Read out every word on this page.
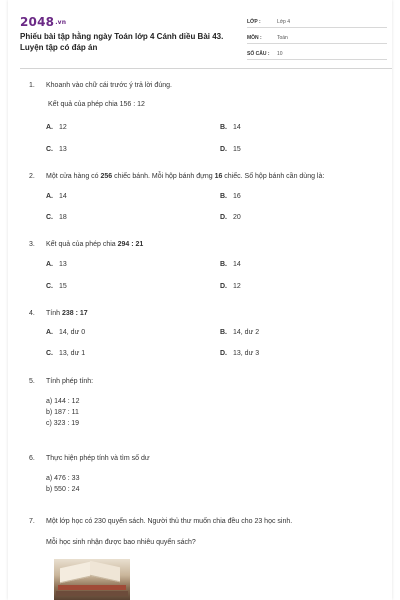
2048.vn
Phiếu bài tập hằng ngày Toán lớp 4 Cánh diều Bài 43. Luyện tập có đáp án
LỚP :	Lớp 4
MÔN :	Toán
SỐ CÂU :	10
1. Khoanh vào chữ cái trước ý trả lời đúng.
Kết quả của phép chia 156 : 12
A. 12	B. 14
C. 13	D. 15
2. Một cửa hàng có 256 chiếc bánh. Mỗi hộp bánh đựng 16 chiếc. Số hộp bánh cần dùng là:
A. 14	B. 16
C. 18	D. 20
3. Kết quả của phép chia 294 : 21
A. 13	B. 14
C. 15	D. 12
4. Tính 238 : 17
A. 14, dư 0	B. 14, dư 2
C. 13, dư 1	D. 13, dư 3
5. Tính phép tính:
a) 144 : 12
b) 187 : 11
c) 323 : 19
6. Thực hiện phép tính và tìm số dư
a) 476 : 33
b) 550 : 24
7. Một lớp học có 230 quyển sách. Người thủ thư muốn chia đều cho 23 học sinh.
Mỗi học sinh nhận được bao nhiêu quyển sách?
